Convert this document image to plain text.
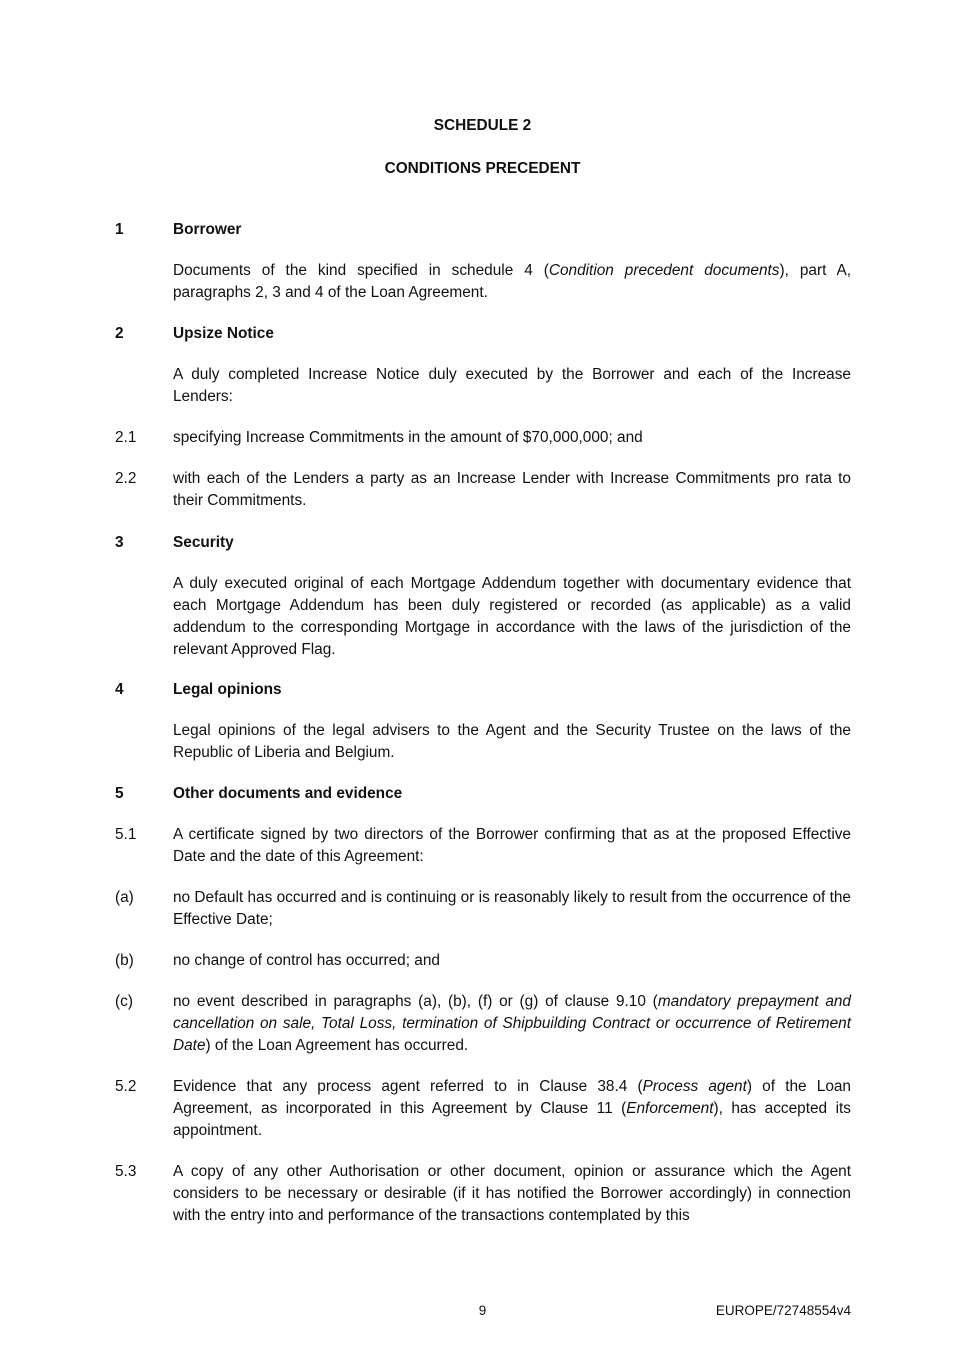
SCHEDULE 2
CONDITIONS PRECEDENT
1	Borrower
Documents of the kind specified in schedule 4 (Condition precedent documents), part A, paragraphs 2, 3 and 4 of the Loan Agreement.
2	Upsize Notice
A duly completed Increase Notice duly executed by the Borrower and each of the Increase Lenders:
2.1 specifying Increase Commitments in the amount of $70,000,000; and
2.2 with each of the Lenders a party as an Increase Lender with Increase Commitments pro rata to their Commitments.
3	Security
A duly executed original of each Mortgage Addendum together with documentary evidence that each Mortgage Addendum has been duly registered or recorded (as applicable) as a valid addendum to the corresponding Mortgage in accordance with the laws of the jurisdiction of the relevant Approved Flag.
4	Legal opinions
Legal opinions of the legal advisers to the Agent and the Security Trustee on the laws of the Republic of Liberia and Belgium.
5	Other documents and evidence
5.1 A certificate signed by two directors of the Borrower confirming that as at the proposed Effective Date and the date of this Agreement:
(a)	no Default has occurred and is continuing or is reasonably likely to result from the occurrence of the Effective Date;
(b)	no change of control has occurred; and
(c)	no event described in paragraphs (a), (b), (f) or (g) of clause 9.10 (mandatory prepayment and cancellation on sale, Total Loss, termination of Shipbuilding Contract or occurrence of Retirement Date) of the Loan Agreement has occurred.
5.2 Evidence that any process agent referred to in Clause 38.4 (Process agent) of the Loan Agreement, as incorporated in this Agreement by Clause 11 (Enforcement), has accepted its appointment.
5.3 A copy of any other Authorisation or other document, opinion or assurance which the Agent considers to be necessary or desirable (if it has notified the Borrower accordingly) in connection with the entry into and performance of the transactions contemplated by this
9	EUROPE/72748554v4
